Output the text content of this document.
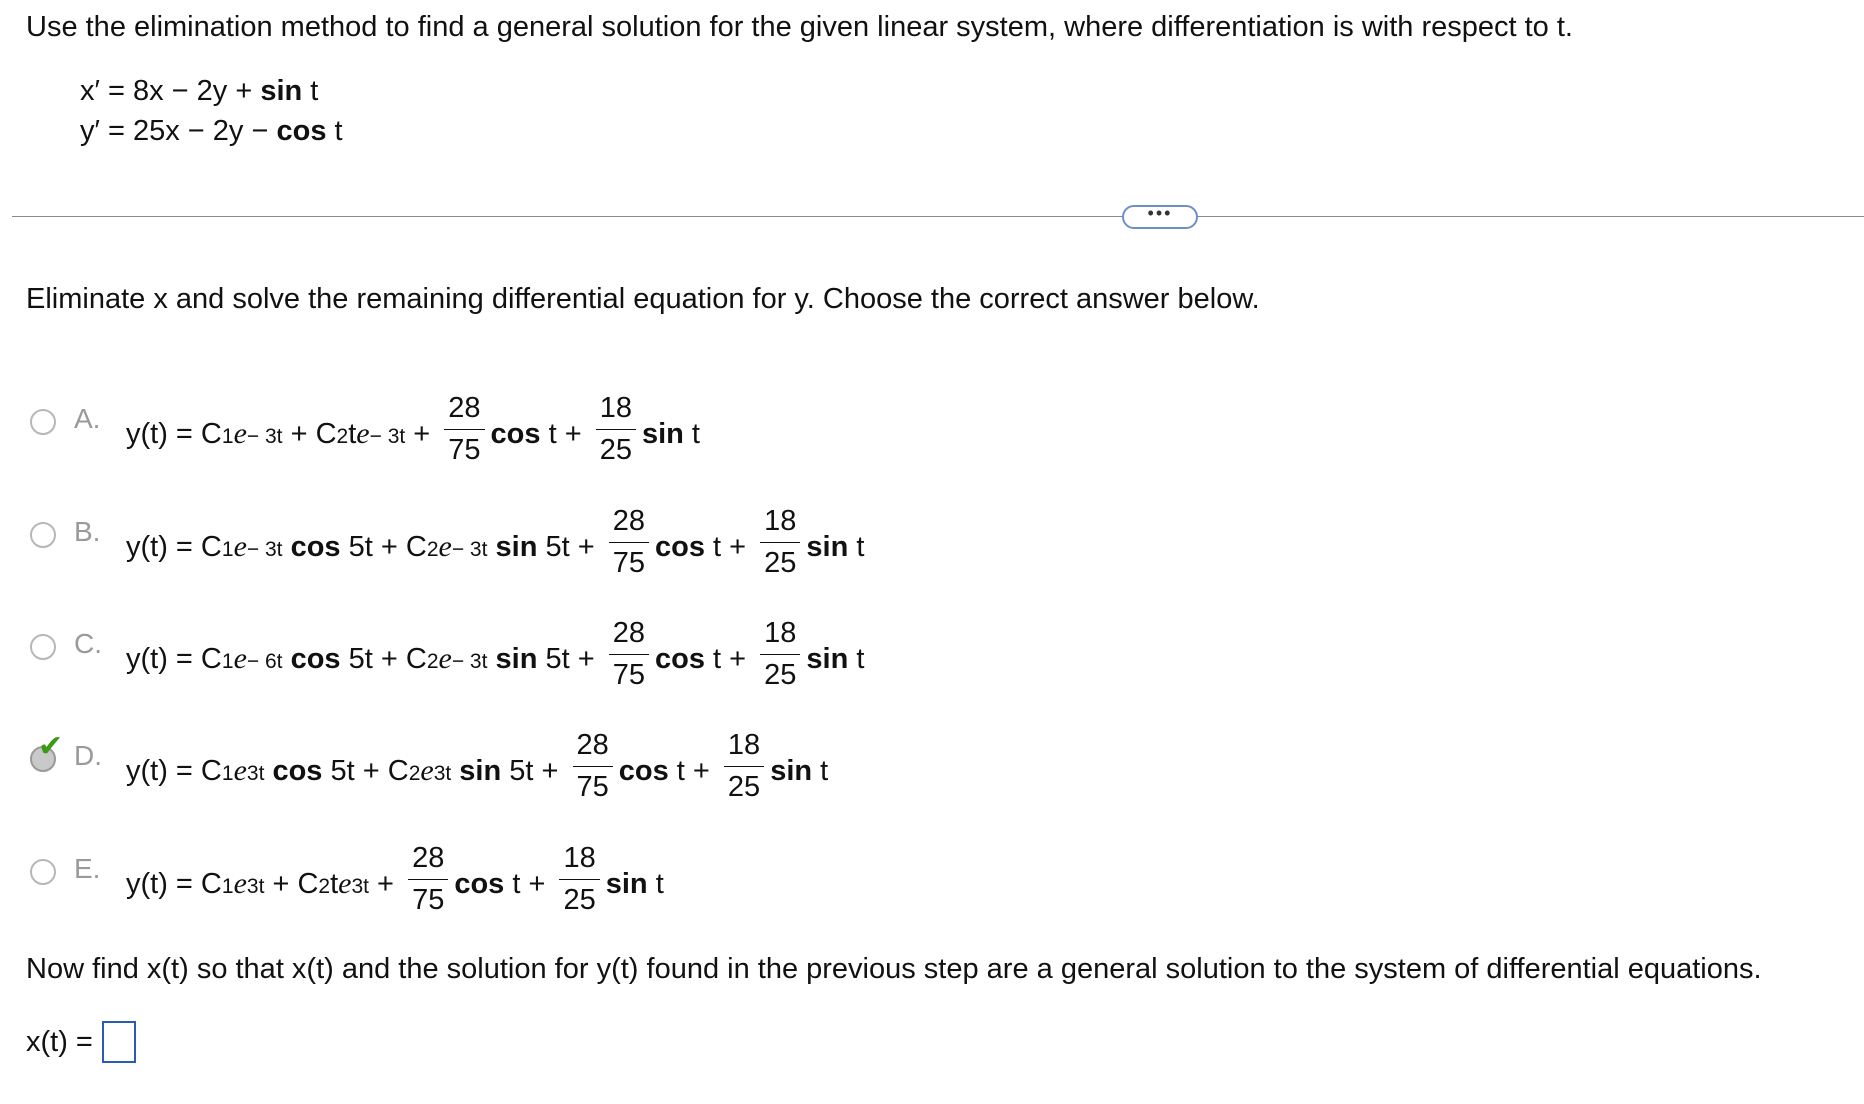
Use the elimination method to find a general solution for the given linear system, where differentiation is with respect to t.
x′ = 8x − 2y + sin t
y′ = 25x − 2y − cos t
•••
Eliminate x and solve the remaining differential equation for y. Choose the correct answer below.
A. $y(t) = C1e- 3t + C2te- 3t + \frac{28}{75}$ $\cos t + \frac{18}{25}$ sin t
B. y(t) = C1e− 3t cos 5t + C2e− 3t $\sin 5t + \frac{28}{75}$ $\cos t + \frac{18}{25}$ sin t
C. y(t) = C1e− 6t cos 5t + C2e− 3t $\sin 5t + \frac{28}{75}$ $\cos t + \frac{18}{25}$ sin t
✔ D. y(t) = C1e3t cos 5t + C2e3t $\sin 5t + \frac{28}{75}$ $\cos t + \frac{18}{25}$ sin t
E. $y(t) = C1e3t + C2te3t + \frac{28}{75}$ $\cos t + \frac{18}{25}$ sin t
Now find x(t) so that x(t) and the solution for y(t) found in the previous step are a general solution to the system of differential equations.
x(t) =
